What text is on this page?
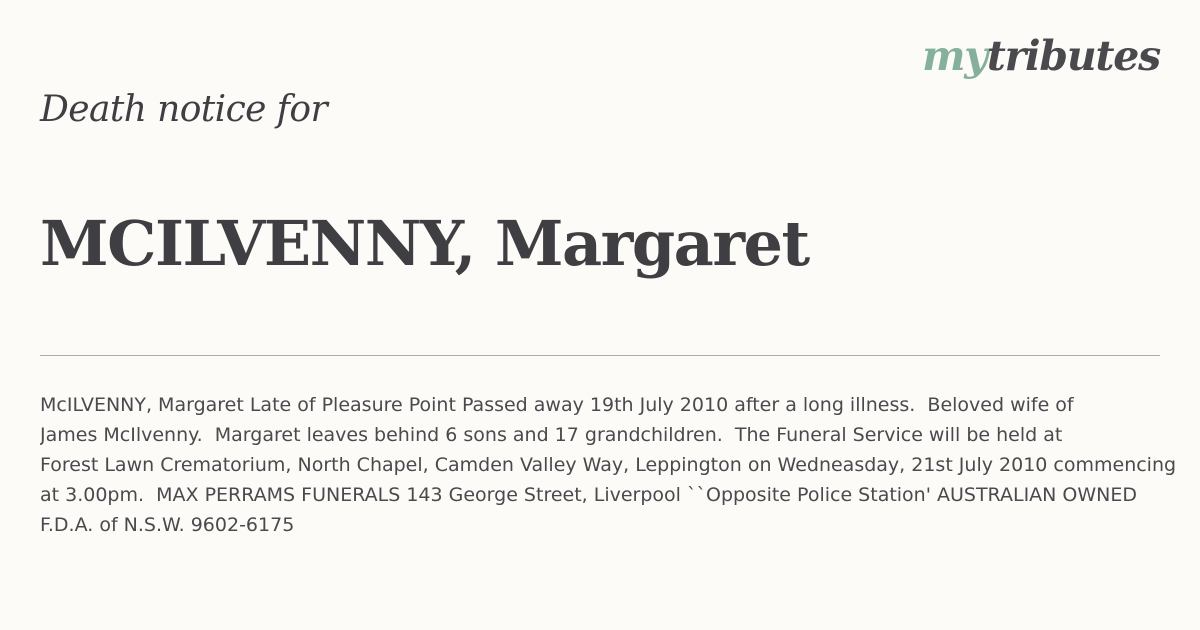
mytributes
Death notice for
MCILVENNY, Margaret
McILVENNY, Margaret Late of Pleasure Point Passed away 19th July 2010 after a long illness.  Beloved wife of
James McIlvenny.  Margaret leaves behind 6 sons and 17 grandchildren.  The Funeral Service will be held at
Forest Lawn Crematorium, North Chapel, Camden Valley Way, Leppington on Wedneasday, 21st July 2010 commencing
at 3.00pm.  MAX PERRAMS FUNERALS 143 George Street, Liverpool ``Opposite Police Station' AUSTRALIAN OWNED
F.D.A. of N.S.W. 9602-6175
